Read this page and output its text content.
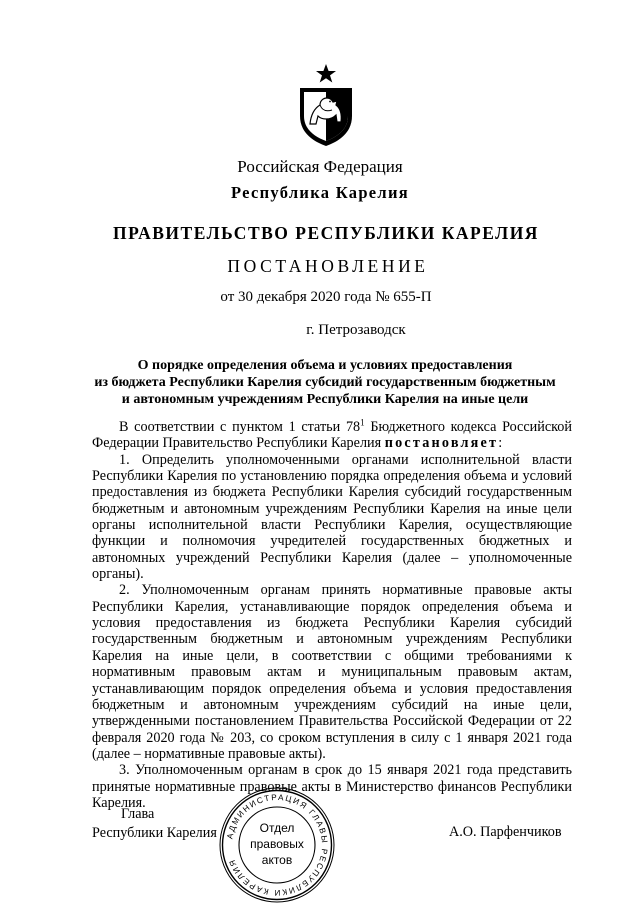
Российская Федерация
Республика Карелия
ПРАВИТЕЛЬСТВО РЕСПУБЛИКИ КАРЕЛИЯ
ПОСТАНОВЛЕНИЕ
от 30 декабря 2020 года № 655-П
г. Петрозаводск
О порядке определения объема и условиях предоставления
из бюджета Республики Карелия субсидий государственным бюджетным
и автономным учреждениям Республики Карелия на иные цели

В соответствии с пунктом 1 статьи $78^1$ Бюджетного кодекса Российской Федерации Правительство Республики Карелия постановляет:

1. Определить уполномоченными органами исполнительной власти Республики Карелия по установлению порядка определения объема и условий предоставления из бюджета Республики Карелия субсидий государственным бюджетным и автономным учреждениям Республики Карелия на иные цели органы исполнительной власти Республики Карелия, осуществляющие функции и полномочия учредителей государственных бюджетных и автономных учреждений Республики Карелия (далее – уполномоченные органы).

2. Уполномоченным органам принять нормативные правовые акты Республики Карелия, устанавливающие порядок определения объема и условия предоставления из бюджета Республики Карелия субсидий государственным бюджетным и автономным учреждениям Республики Карелия на иные цели, в соответствии с общими требованиями к нормативным правовым актам и муниципальным правовым актам, устанавливающим порядок определения объема и условия предоставления бюджетным и автономным учреждениям субсидий на иные цели, утвержденными постановлением Правительства Российской Федерации от 22 февраля 2020 года № 203, со сроком вступления в силу с 1 января 2021 года (далее – нормативные правовые акты).

3. Уполномоченным органам в срок до 15 января 2021 года представить принятые нормативные правовые акты в Министерство финансов Республики Карелия.

Глава
Республики Карелия	А.О. Парфенчиков
АДМИНИСТРАЦИЯ ГЛАВЫ РЕСПУБЛИКИ КАРЕЛИЯ
Отдел
правовых
актов
